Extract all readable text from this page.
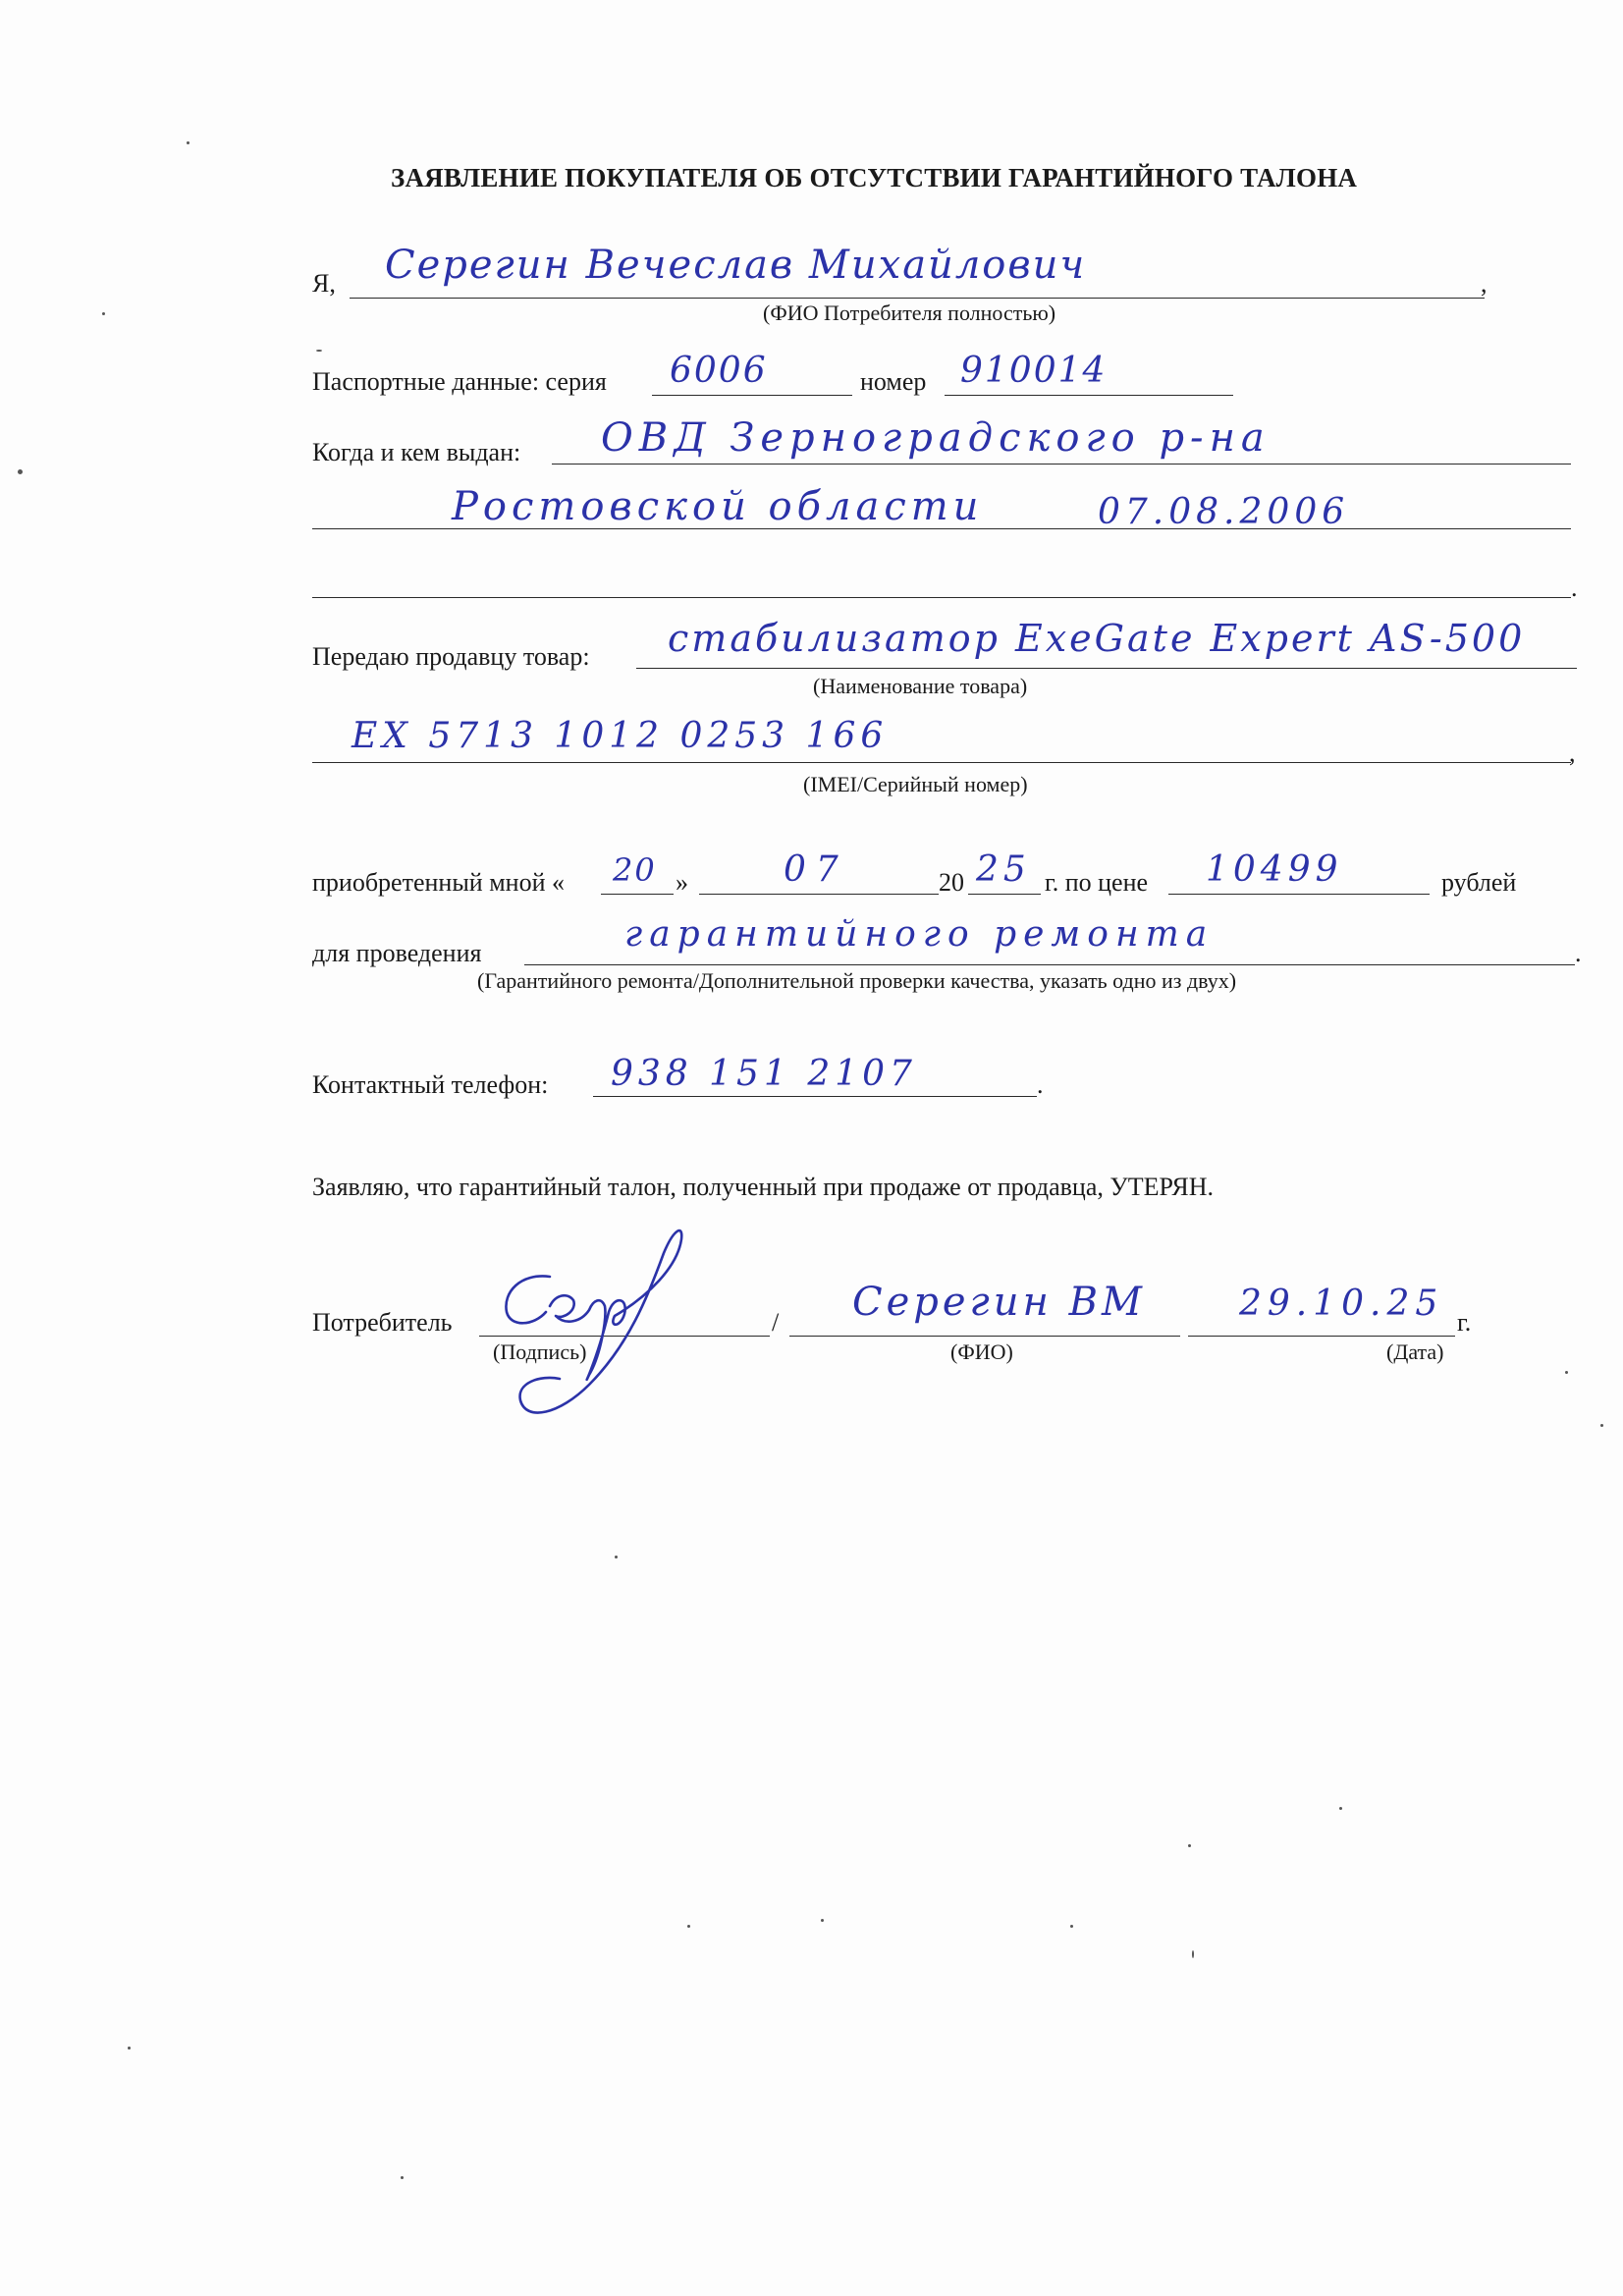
ЗАЯВЛЕНИЕ ПОКУПАТЕЛЯ ОБ ОТСУТСТВИИ ГАРАНТИЙНОГО ТАЛОНА
Я, Серегин Вечеслав Михайлович	,
(ФИО Потребителя полностью)
Паспортные данные: серия 6006	номер 910014
Когда и кем выдан: ОВД Зерноградского р-на
Ростовской области	07.08.2006
.
Передаю продавцу товар: стабилизатор ExeGate Expert AS-500
(Наименование товара)
EX 5713 1012 0253 166	,
(IMEI/Серийный номер)
приобретенный мной « 20 »	07	20 25 г. по цене 10499	рублей
для проведения	гарантийного ремонта	.
(Гарантийного ремонта/Дополнительной проверки качества, указать одно из двух)
Контактный телефон: 938 151 2107	.
Заявляю, что гарантийный талон, полученный при продаже от продавца, УТЕРЯН.
Потребитель	/ Серегин ВМ	29.10.25 г.
(Подпись)	(ФИО)	(Дата)
